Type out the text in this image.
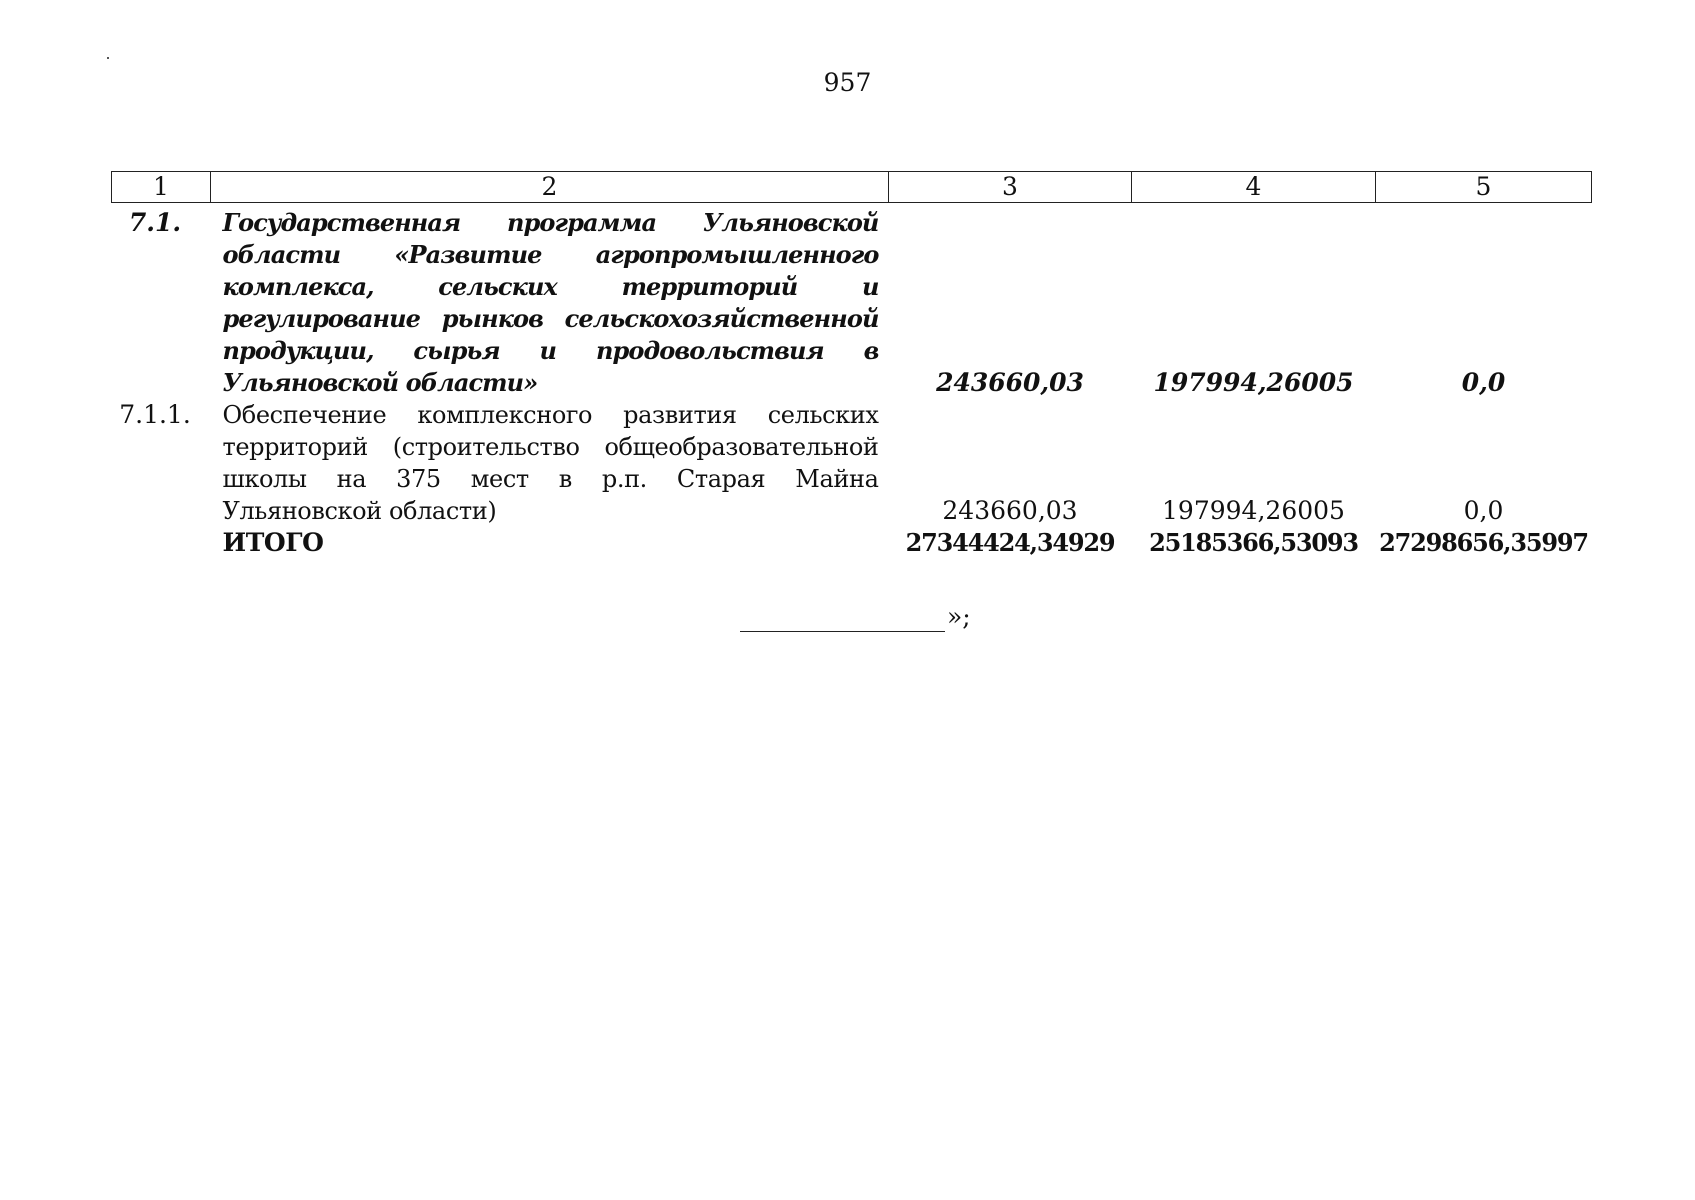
957
1	2	3	4	5
7.1.	Государственная программа Ульяновской области «Развитие агропромышленного комплекса, сельских территорий и регулирование рынков сельскохозяйственной продукции, сырья и продовольствия в Ульяновской области»	243660,03	197994,26005	0,0
7.1.1.	Обеспечение комплексного развития сельских территорий (строительство общеобразовательной школы на 375 мест в р.п. Старая Майна Ульяновской области)	243660,03	197994,26005	0,0
	ИТОГО	27344424,34929	25185366,53093	27298656,35997
»;
